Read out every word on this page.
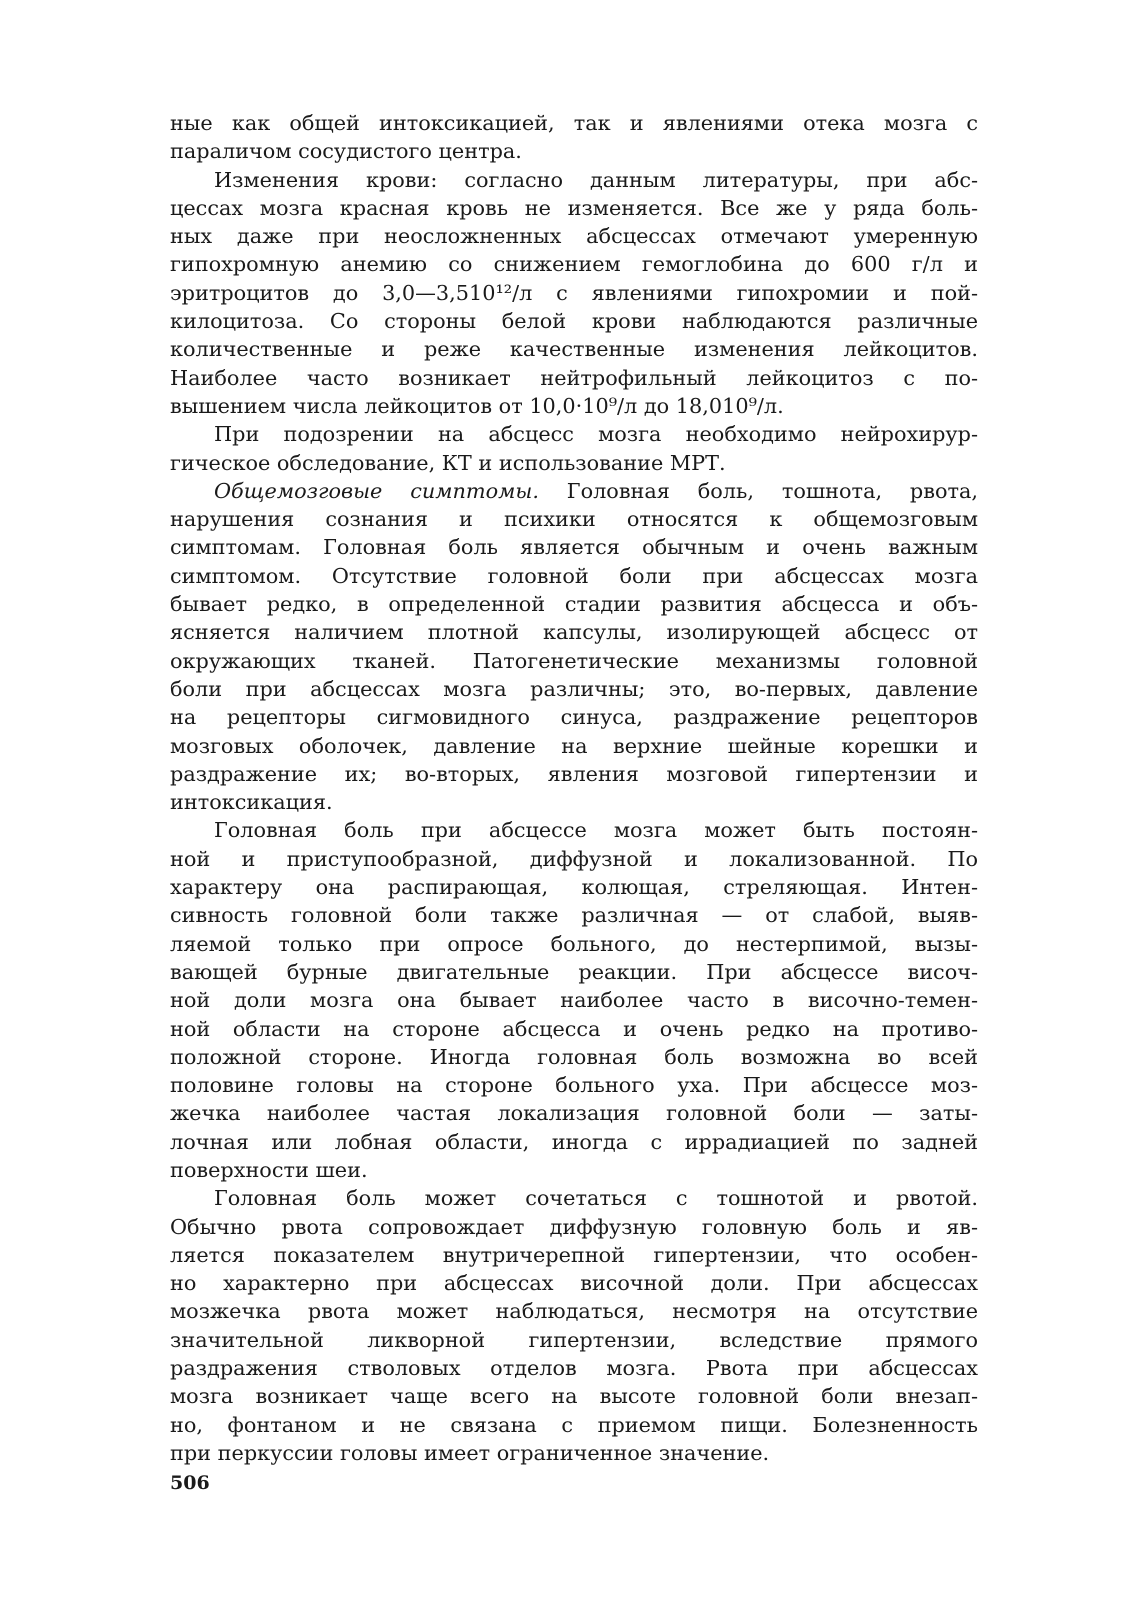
ные как общей интоксикацией, так и явлениями отека мозга с
параличом сосудистого центра.
Изменения крови: согласно данным литературы, при абс-
цессах мозга красная кровь не изменяется. Все же у ряда боль-
ных даже при неосложненных абсцессах отмечают умеренную
гипохромную анемию со снижением гемоглобина до 600 г/л и
эритроцитов до 3,0—3,510¹²/л с явлениями гипохромии и пой-
килоцитоза. Со стороны белой крови наблюдаются различные
количественные и реже качественные изменения лейкоцитов.
Наиболее часто возникает нейтрофильный лейкоцитоз с по-
вышением числа лейкоцитов от 10,0·10⁹/л до 18,010⁹/л.
При подозрении на абсцесс мозга необходимо нейрохирур-
гическое обследование, КТ и использование МРТ.
Общемозговые симптомы. Головная боль, тошнота, рвота,
нарушения сознания и психики относятся к общемозговым
симптомам. Головная боль является обычным и очень важным
симптомом. Отсутствие головной боли при абсцессах мозга
бывает редко, в определенной стадии развития абсцесса и объ-
ясняется наличием плотной капсулы, изолирующей абсцесс от
окружающих тканей. Патогенетические механизмы головной
боли при абсцессах мозга различны; это, во-первых, давление
на рецепторы сигмовидного синуса, раздражение рецепторов
мозговых оболочек, давление на верхние шейные корешки и
раздражение их; во-вторых, явления мозговой гипертензии и
интоксикация.
Головная боль при абсцессе мозга может быть постоян-
ной и приступообразной, диффузной и локализованной. По
характеру она распирающая, колющая, стреляющая. Интен-
сивность головной боли также различная — от слабой, выяв-
ляемой только при опросе больного, до нестерпимой, вызы-
вающей бурные двигательные реакции. При абсцессе височ-
ной доли мозга она бывает наиболее часто в височно-темен-
ной области на стороне абсцесса и очень редко на противо-
положной стороне. Иногда головная боль возможна во всей
половине головы на стороне больного уха. При абсцессе моз-
жечка наиболее частая локализация головной боли — заты-
лочная или лобная области, иногда с иррадиацией по задней
поверхности шеи.
Головная боль может сочетаться с тошнотой и рвотой.
Обычно рвота сопровождает диффузную головную боль и яв-
ляется показателем внутричерепной гипертензии, что особен-
но характерно при абсцессах височной доли. При абсцессах
мозжечка рвота может наблюдаться, несмотря на отсутствие
значительной ликворной гипертензии, вследствие прямого
раздражения стволовых отделов мозга. Рвота при абсцессах
мозга возникает чаще всего на высоте головной боли внезап-
но, фонтаном и не связана с приемом пищи. Болезненность
при перкуссии головы имеет ограниченное значение.
506
